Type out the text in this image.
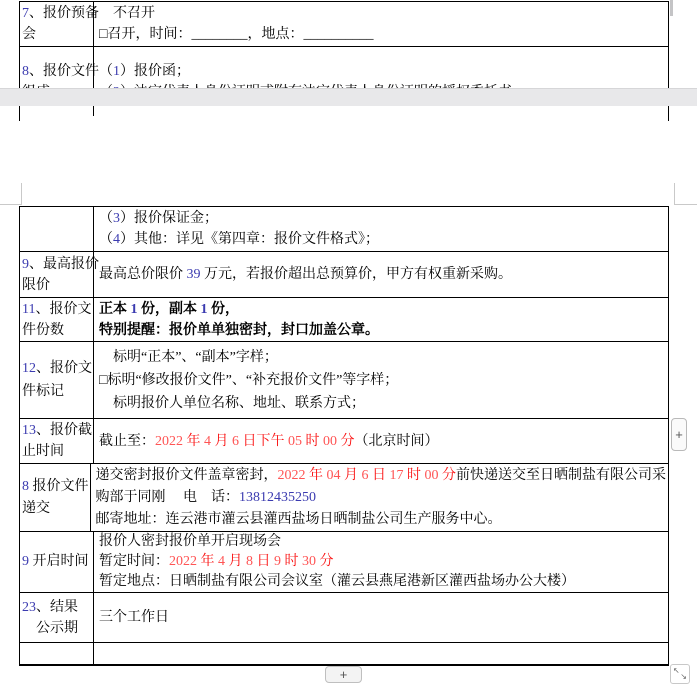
7、报价预备
会
　不召开
□召开，时间：________，地点：__________
8、报价文件 （1）报价函；
（3）报价保证金；
（4）其他：详见《第四章：报价文件格式》；
9、最高报价
限价
最高总价限价 39 万元，若报价超出总预算价，甲方有权重新采购。
11、报价文
件份数
正本 1 份，副本 1 份，
特别提醒：报价单单独密封，封口加盖公章。
12、报价文
件标记
　标明“正本”、“副本”字样；
□标明“修改报价文件”、“补充报价文件”等字样；
　标明报价人单位名称、地址、联系方式；
13、报价截
止时间
截止至：2022 年 4 月 6 日下午 05 时 00 分（北京时间）
8 报价文件
递交
递交密封报价文件盖章密封，2022 年 04 月 6 日 17 时 00 分前快递送交至日晒制盐有限公司采
购部于同刚　 电　话：13812435250
邮寄地址：连云港市灌云县灌西盐场日晒制盐公司生产服务中心。
9 开启时间
报价人密封报价单开启现场会
暂定时间：2022 年 4 月 8 日 9 时 30 分
暂定地点：日晒制盐有限公司会议室（灌云县燕尾港新区灌西盐场办公大楼）
23、结果
　公示期
三个工作日
+
+	↖
↘
